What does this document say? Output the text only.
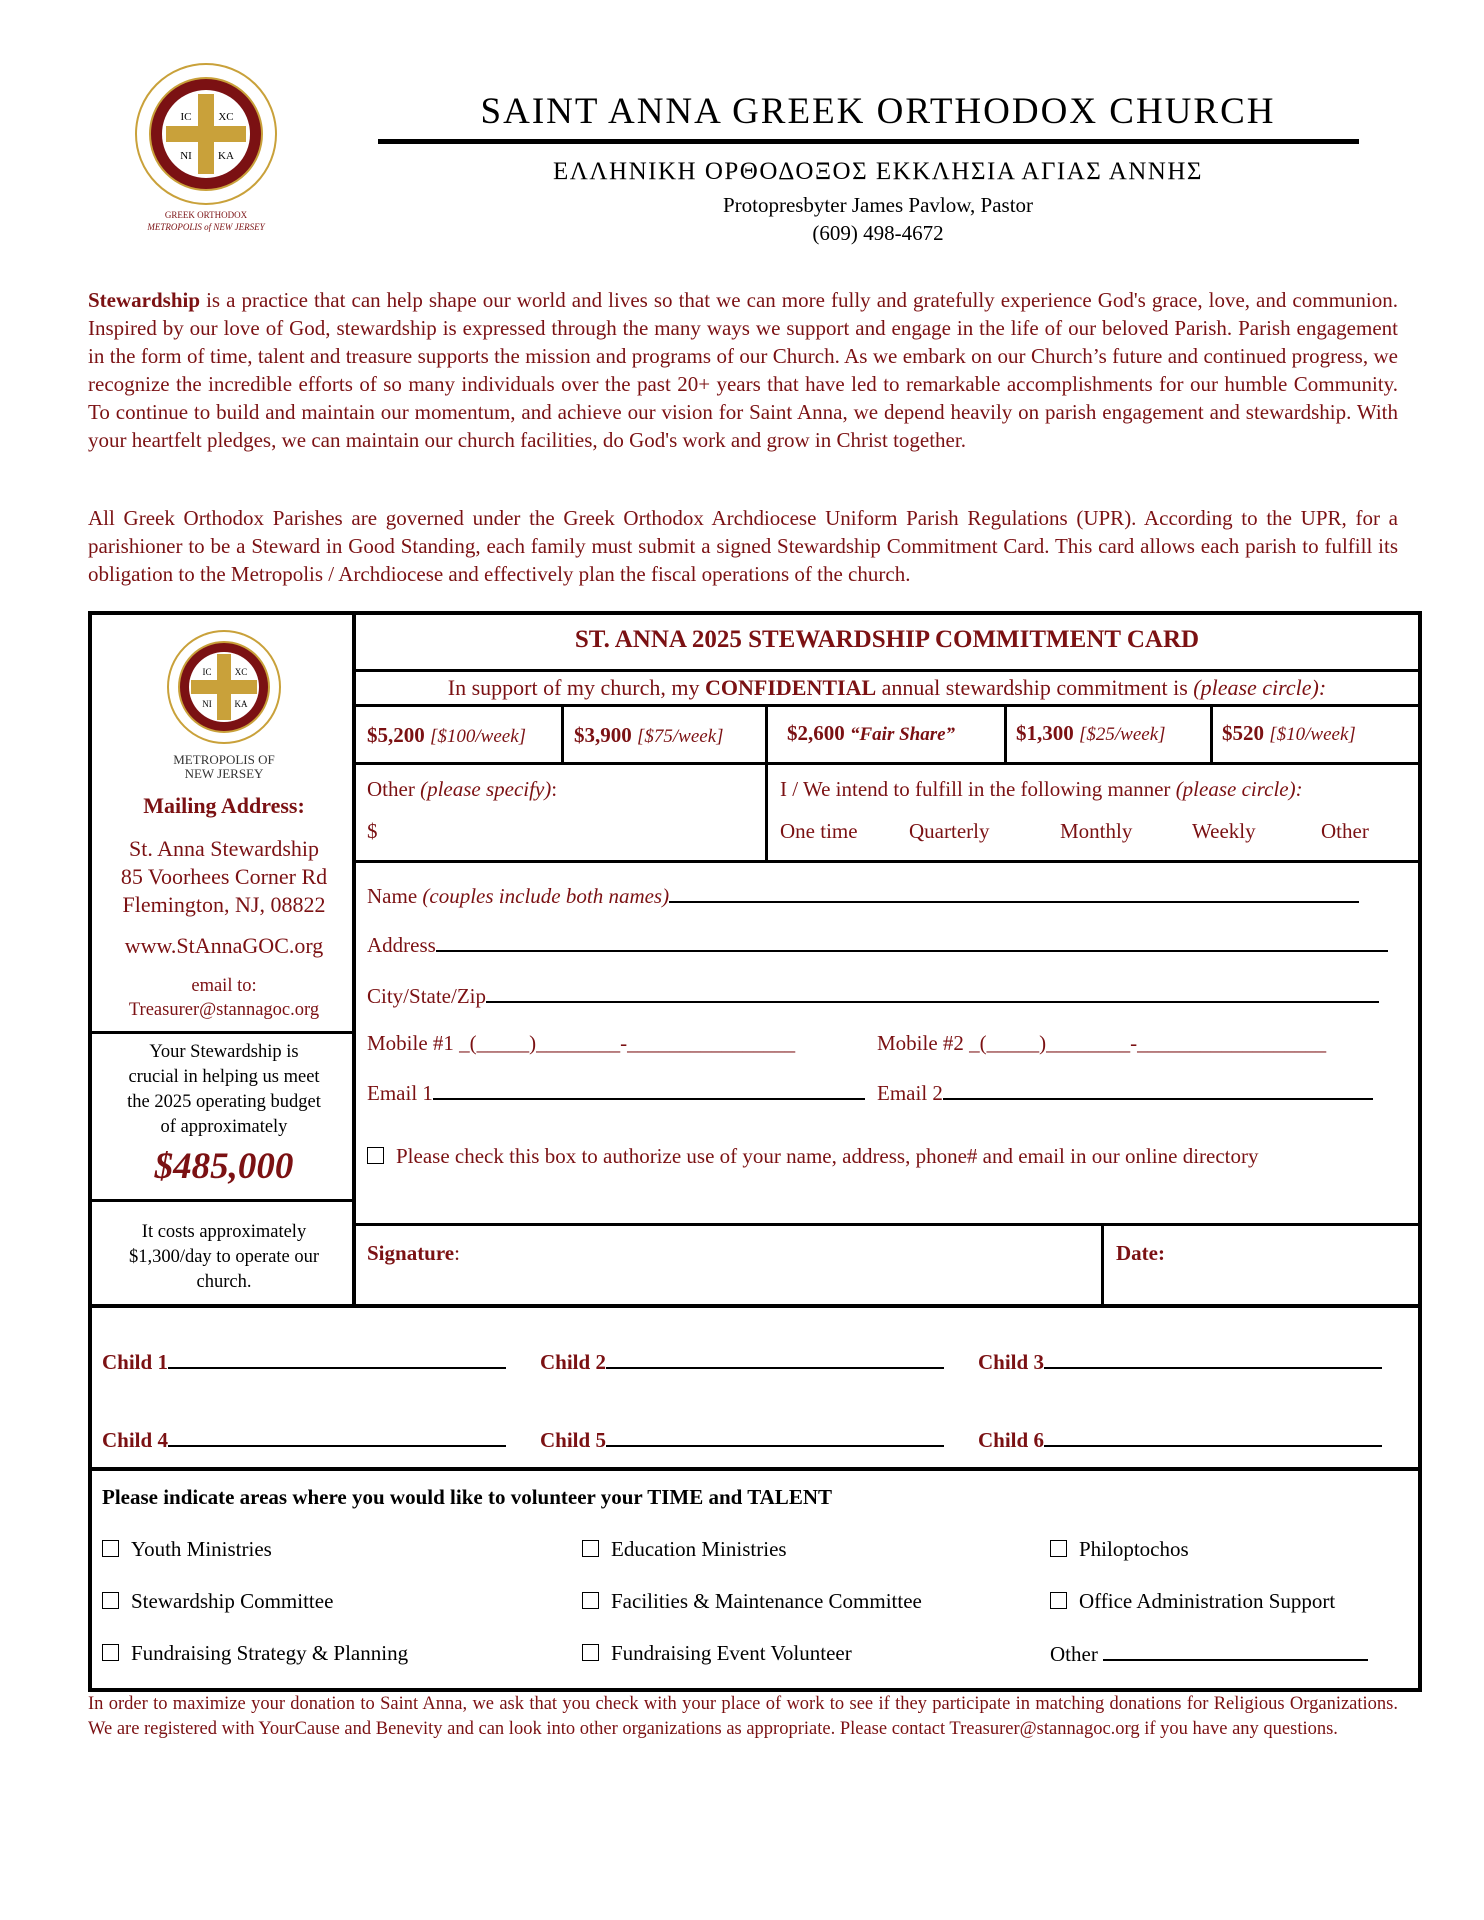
IC XC
NI KA
GREEK ORTHODOX
METROPOLIS of NEW JERSEY
SAINT ANNA GREEK ORTHODOX CHURCH
ΕΛΛΗΝΙΚΗ ΟΡΘΟΔΟΞΟΣ ΕΚΚΛΗΣΙΑ ΑΓΙΑΣ ΑΝΝΗΣ
Protopresbyter James Pavlow, Pastor
(609) 498-4672
Stewardship is a practice that can help shape our world and lives so that we can more fully and gratefully experience God's grace, love, and communion. Inspired by our love of God, stewardship is expressed through the many ways we support and engage in the life of our beloved Parish. Parish engagement in the form of time, talent and treasure supports the mission and programs of our Church. As we embark on our Church’s future and continued progress, we recognize the incredible efforts of so many individuals over the past 20+ years that have led to remarkable accomplishments for our humble Community. To continue to build and maintain our momentum, and achieve our vision for Saint Anna, we depend heavily on parish engagement and stewardship. With your heartfelt pledges, we can maintain our church facilities, do God's work and grow in Christ together.
All Greek Orthodox Parishes are governed under the Greek Orthodox Archdiocese Uniform Parish Regulations (UPR). According to the UPR, for a parishioner to be a Steward in Good Standing, each family must submit a signed Stewardship Commitment Card. This card allows each parish to fulfill its obligation to the Metropolis / Archdiocese and effectively plan the fiscal operations of the church.
IC	XC
NI	KA
METROPOLIS OF
NEW JERSEY
Mailing Address:
St. Anna Stewardship
85 Voorhees Corner Rd
Flemington, NJ, 08822
www.StAnnaGOC.org
email to:
Treasurer@stannagoc.org
Your Stewardship is
crucial in helping us meet
the 2025 operating budget
of approximately
$485,000
It costs approximately
$1,300/day to operate our
church.
ST. ANNA 2025 STEWARDSHIP COMMITMENT CARD
In support of my church, my CONFIDENTIAL annual stewardship commitment is (please circle):
$5,200 [$100/week] $3,900 [$75/week]	$2,600 “Fair Share”	$1,300 [$25/week]	$520 [$10/week]
Other (please specify):
$
I / We intend to fulfill in the following manner (please circle):
One time Quarterly	Monthly	Weekly	Other
Name (couples include both names)
Address
City/State/Zip
Mobile #1 _(_____)________-________________	Mobile #2 _(_____)________-__________________
Email 1	Email 2
Please check this box to authorize use of your name, address, phone# and email in our online directory
Signature:	Date:
Child 1	Child 2	Child 3
Child 4	Child 5	Child 6
Please indicate areas where you would like to volunteer your TIME and TALENT
Youth Ministries	Education Ministries	Philoptochos
Stewardship Committee	Facilities & Maintenance Committee	Office Administration Support
Fundraising Strategy & Planning	Fundraising Event Volunteer	Other
In order to maximize your donation to Saint Anna, we ask that you check with your place of work to see if they participate in matching donations for Religious Organizations. We are registered with YourCause and Benevity and can look into other organizations as appropriate. Please contact Treasurer@stannagoc.org if you have any questions.
